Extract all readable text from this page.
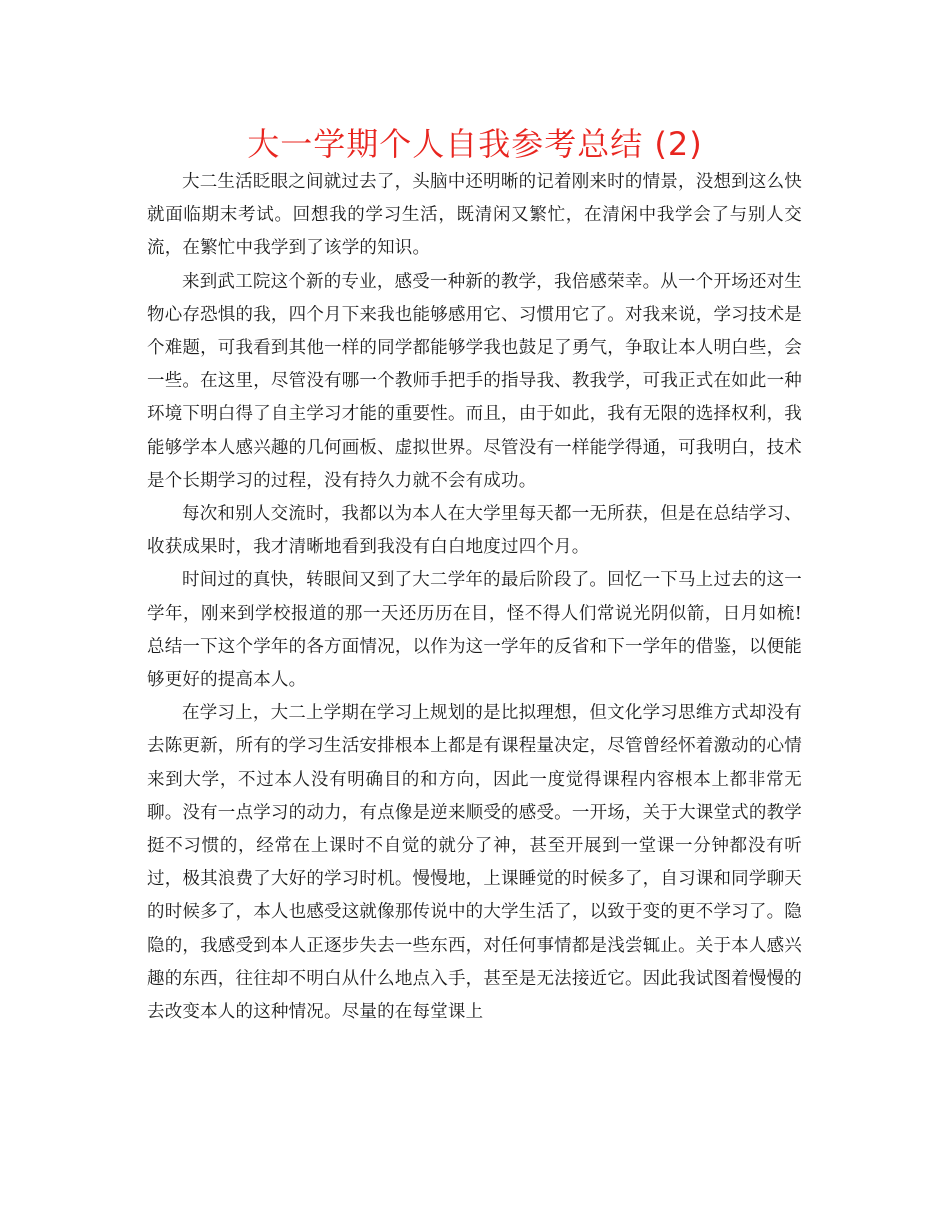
大一学期个人自我参考总结 (2)

大二生活眨眼之间就过去了，头脑中还明晰的记着刚来时的情景，没想到这么快就面临期末考试。回想我的学习生活，既清闲又繁忙，在清闲中我学会了与别人交流，在繁忙中我学到了该学的知识。

来到武工院这个新的专业，感受一种新的教学，我倍感荣幸。从一个开场还对生物心存恐惧的我，四个月下来我也能够感用它、习惯用它了。对我来说，学习技术是个难题，可我看到其他一样的同学都能够学我也鼓足了勇气，争取让本人明白些，会一些。在这里，尽管没有哪一个教师手把手的指导我、教我学，可我正式在如此一种环境下明白得了自主学习才能的重要性。而且，由于如此，我有无限的选择权利，我能够学本人感兴趣的几何画板、虚拟世界。尽管没有一样能学得通，可我明白，技术是个长期学习的过程，没有持久力就不会有成功。

每次和别人交流时，我都以为本人在大学里每天都一无所获，但是在总结学习、收获成果时，我才清晰地看到我没有白白地度过四个月。

时间过的真快，转眼间又到了大二学年的最后阶段了。回忆一下马上过去的这一学年，刚来到学校报道的那一天还历历在目，怪不得人们常说光阴似箭，日月如梳!总结一下这个学年的各方面情况，以作为这一学年的反省和下一学年的借鉴，以便能够更好的提高本人。

在学习上，大二上学期在学习上规划的是比拟理想，但文化学习思维方式却没有去陈更新，所有的学习生活安排根本上都是有课程量决定，尽管曾经怀着激动的心情来到大学，不过本人没有明确目的和方向，因此一度觉得课程内容根本上都非常无聊。没有一点学习的动力，有点像是逆来顺受的感受。一开场，关于大课堂式的教学挺不习惯的，经常在上课时不自觉的就分了神，甚至开展到一堂课一分钟都没有听过，极其浪费了大好的学习时机。慢慢地，上课睡觉的时候多了，自习课和同学聊天的时候多了，本人也感受这就像那传说中的大学生活了，以致于变的更不学习了。隐隐的，我感受到本人正逐步失去一些东西，对任何事情都是浅尝辄止。关于本人感兴趣的东西，往往却不明白从什么地点入手，甚至是无法接近它。因此我试图着慢慢的去改变本人的这种情况。尽量的在每堂课上
